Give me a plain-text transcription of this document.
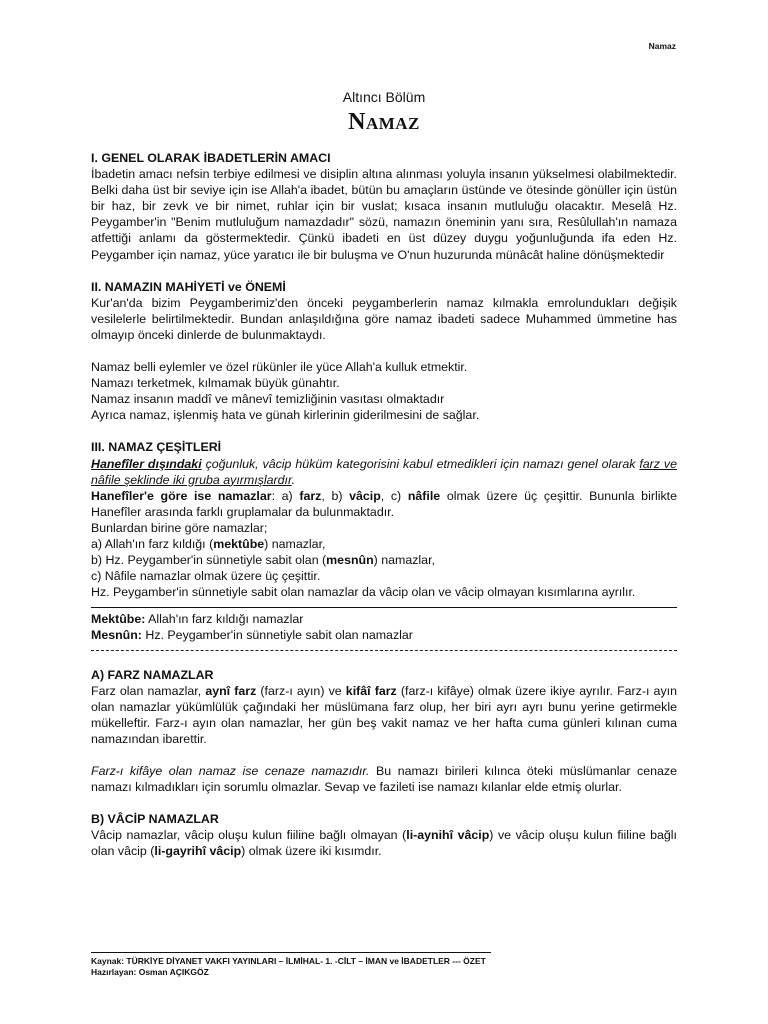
Namaz

Altıncı Bölüm

Namaz

I. GENEL OLARAK İBADETLERİN AMACI

İbadetin amacı nefsin terbiye edilmesi ve disiplin altına alınması yoluyla insanın yükselmesi olabilmektedir. Belki daha üst bir seviye için ise Allah'a ibadet, bütün bu amaçların üstünde ve ötesinde gönüller için üstün bir haz, bir zevk ve bir nimet, ruhlar için bir vuslat; kısaca insanın mutluluğu olacaktır. Meselâ Hz. Peygamber'in "Benim mutluluğum namazdadır" sözü, namazın öneminin yanı sıra, Resûlullah'ın namaza atfettiği anlamı da göstermektedir. Çünkü ibadeti en üst düzey duygu yoğunluğunda ifa eden Hz. Peygamber için namaz, yüce yaratıcı ile bir buluşma ve O'nun huzurunda münâcât haline dönüşmektedir

II. NAMAZIN MAHİYETİ ve ÖNEMİ

Kur'an'da bizim Peygamberimiz'den önceki peygamberlerin namaz kılmakla emrolundukları değişik vesilelerle belirtilmektedir. Bundan anlaşıldığına göre namaz ibadeti sadece Muhammed ümmetine has olmayıp önceki dinlerde de bulunmaktaydı.

Namaz belli eylemler ve özel rükünler ile yüce Allah'a kulluk etmektir.

Namazı terketmek, kılmamak büyük günahtır.

Namaz insanın maddî ve mânevî temizliğinin vasıtası olmaktadır

Ayrıca namaz, işlenmiş hata ve günah kirlerinin giderilmesini de sağlar.

III. NAMAZ ÇEŞİTLERİ

Hanefîler dışındaki çoğunluk, vâcip hüküm kategorisini kabul etmedikleri için namazı genel olarak farz ve nâfile şeklinde iki gruba ayırmışlardır.

Hanefîler'e göre ise namazlar: a) farz, b) vâcip, c) nâfile olmak üzere üç çeşittir. Bununla birlikte Hanefîler arasında farklı gruplamalar da bulunmaktadır.

Bunlardan birine göre namazlar;

a) Allah'ın farz kıldığı (mektûbe) namazlar,

b) Hz. Peygamber'in sünnetiyle sabit olan (mesnûn) namazlar,

c) Nâfile namazlar olmak üzere üç çeşittir.

Hz. Peygamber'in sünnetiyle sabit olan namazlar da vâcip olan ve vâcip olmayan kısımlarına ayrılır.

Mektûbe: Allah'ın farz kıldığı namazlar

Mesnûn: Hz. Peygamber'in sünnetiyle sabit olan namazlar

A) FARZ NAMAZLAR

Farz olan namazlar, aynî farz (farz-ı ayın) ve kifâî farz (farz-ı kifâye) olmak üzere ikiye ayrılır. Farz-ı ayın olan namazlar yükümlülük çağındaki her müslümana farz olup, her biri ayrı ayrı bunu yerine getirmekle mükelleftir. Farz-ı ayın olan namazlar, her gün beş vakit namaz ve her hafta cuma günleri kılınan cuma namazından ibarettir.

Farz-ı kifâye olan namaz ise cenaze namazıdır. Bu namazı birileri kılınca öteki müslümanlar cenaze namazı kılmadıkları için sorumlu olmazlar. Sevap ve fazileti ise namazı kılanlar elde etmiş olurlar.

B) VÂCİP NAMAZLAR

Vâcip namazlar, vâcip oluşu kulun fiiline bağlı olmayan (li-aynihî vâcip) ve vâcip oluşu kulun fiiline bağlı olan vâcip (li-gayrihî vâcip) olmak üzere iki kısımdır.

Kaynak: TÜRKİYE DİYANET VAKFI YAYINLARI – İLMİHAL- 1. -CİLT – İMAN ve İBADETLER --- ÖZET
Hazırlayan: Osman AÇIKGÖZ
